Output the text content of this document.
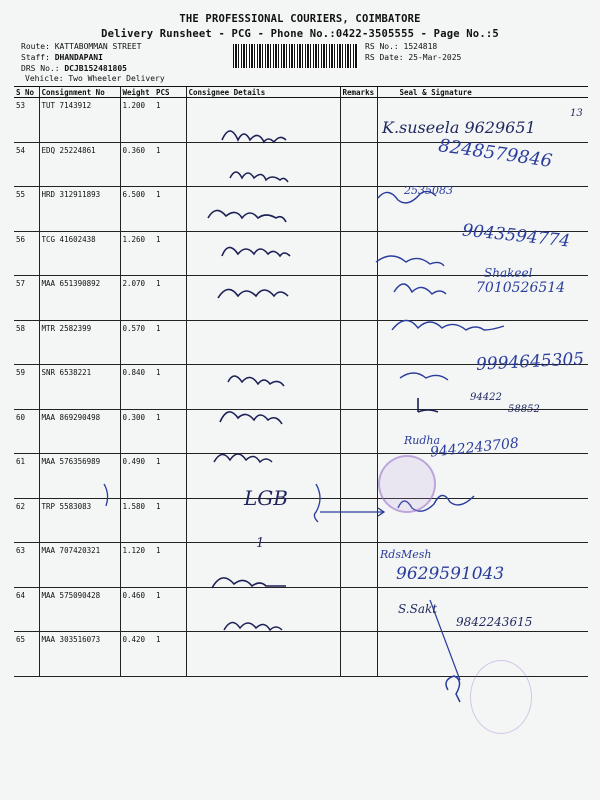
THE PROFESSIONAL COURIERS, COIMBATORE
Delivery Runsheet - PCG - Phone No.:0422-3505555 - Page No.:5
Route: KATTABOMMAN STREET
Staff: DHANDAPANI
DRS No.: DCJB152481805
Vehicle: Two Wheeler Delivery
RS No.: 1524818
RS Date: 25-Mar-2025
S No	Consignment No	Weight	PCS	Consignee Details	Remarks	Seal & Signature
53	TUT 7143912	1.200	1			
54	EDQ 25224861	0.360	1			
55	HRD 312911893	6.500	1			
56	TCG 41602438	1.260	1			
57	MAA 651390892	2.070	1			
58	MTR 2582399	0.570	1			
59	SNR 6538221	0.840	1			
60	MAA 869290498	0.300	1			
61	MAA 576356989	0.490	1			
62	TRP 5583083	1.580	1			
63	MAA 707420321	1.120	1			
64	MAA 575090428	0.460	1			
65	MAA 303516073	0.420	1			
13
K.suseela 9629651
8248579846
2535083
9043594774
Shakeel
7010526514
9994645305
94422
58852
Rudha
9442243708
LGB
1
RdsMesh
9629591043
S.Sakt
9842243615
